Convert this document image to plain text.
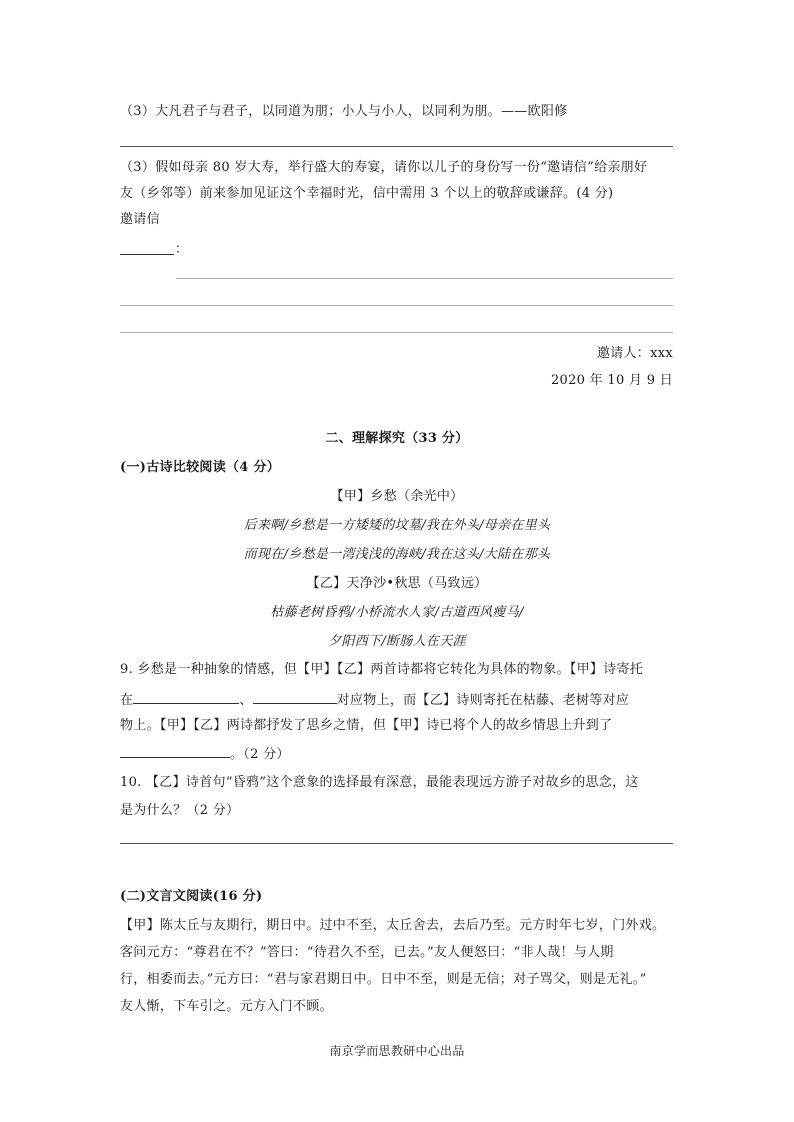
（3）大凡君子与君子，以同道为朋；小人与小人，以同利为朋。——欧阳修
（3）假如母亲 80 岁大寿，举行盛大的寿宴，请你以儿子的身份写一份“邀请信”给亲朋好
友（乡邻等）前来参加见证这个幸福时光，信中需用 3 个以上的敬辞或谦辞。(4 分)
邀请信
：
邀请人：xxx
2020 年 10 月 9 日
二、理解探究（33 分）
(一)古诗比较阅读（4 分）
【甲】乡愁（余光中）
后来啊/乡愁是一方矮矮的坟墓/我在外头/母亲在里头
而现在/乡愁是一湾浅浅的海峡/我在这头/大陆在那头
【乙】天净沙•秋思（马致远）
枯藤老树昏鸦/小桥流水人家/古道西风瘦马/
夕阳西下/断肠人在天涯
9. 乡愁是一种抽象的情感，但【甲】【乙】两首诗都将它转化为具体的物象。【甲】诗寄托
在	、	对应物上，而【乙】诗则寄托在枯藤、老树等对应
物上。【甲】【乙】两诗都抒发了思乡之情，但【甲】诗已将个人的故乡情思上升到了
。（2 分）
10. 【乙】诗首句“昏鸦”这个意象的选择最有深意，最能表现远方游子对故乡的思念，这
是为什么？（2 分）
(二)文言文阅读(16 分)
【甲】陈太丘与友期行，期日中。过中不至，太丘舍去，去后乃至。元方时年七岁，门外戏。
客问元方：“尊君在不？”答曰：“待君久不至，已去。”友人便怒曰：“非人哉！与人期
行，相委而去。”元方曰：“君与家君期日中。日中不至，则是无信；对子骂父，则是无礼。”
友人惭，下车引之。元方入门不顾。
南京学而思教研中心出品
